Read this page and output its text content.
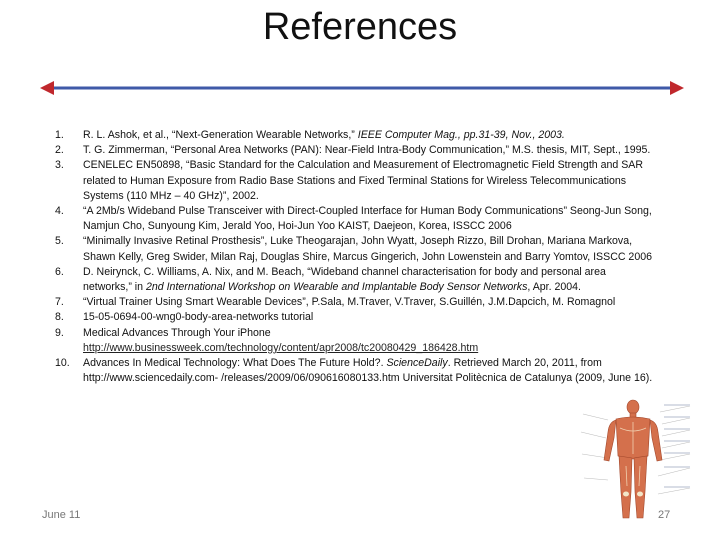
References
1. R. L. Ashok, et al., “Next-Generation Wearable Networks,” IEEE Computer Mag., pp.31-39, Nov., 2003.
2. T. G. Zimmerman, “Personal Area Networks (PAN): Near-Field Intra-Body Communication,” M.S. thesis, MIT, Sept., 1995.
3. CENELEC EN50898, “Basic Standard for the Calculation and Measurement of Electromagnetic Field Strength and SAR related to Human Exposure from Radio Base Stations and Fixed Terminal Stations for Wireless Telecommunications Systems (110 MHz – 40 GHz)”, 2002.
4. “A 2Mb/s Wideband Pulse Transceiver with Direct-Coupled Interface for Human Body Communications” Seong-Jun Song, Namjun Cho, Sunyoung Kim, Jerald Yoo, Hoi-Jun Yoo KAIST, Daejeon, Korea, ISSCC 2006
5. “Minimally Invasive Retinal Prosthesis”, Luke Theogarajan, John Wyatt, Joseph Rizzo, Bill Drohan, Mariana Markova, Shawn Kelly, Greg Swider, Milan Raj, Douglas Shire, Marcus Gingerich, John Lowenstein and Barry Yomtov, ISSCC 2006
6. D. Neirynck, C. Williams, A. Nix, and M. Beach, “Wideband channel characterisation for body and personal area networks,” in 2nd International Workshop on Wearable and Implantable Body Sensor Networks, Apr. 2004.
7. “Virtual Trainer Using Smart Wearable Devices”, P.Sala, M.Traver, V.Traver, S.Guillén, J.M.Dapcich, M. Romagnol
8. 15-05-0694-00-wng0-body-area-networks tutorial
9. Medical Advances Through Your iPhone http://www.businessweek.com/technology/content/apr2008/tc20080429_186428.htm
10. Advances In Medical Technology: What Does The Future Hold?. ScienceDaily. Retrieved March 20, 2011, from http://www.sciencedaily.com- /releases/2009/06/090616080133.htm Universitat Politècnica de Catalunya (2009, June 16).
June 11	27
